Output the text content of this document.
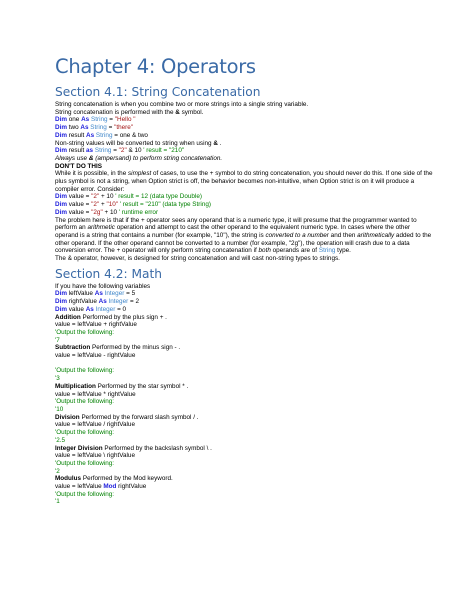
Chapter 4: Operators
Section 4.1: String Concatenation

String concatenation is when you combine two or more strings into a single string variable.

String concatenation is performed with the & symbol.

Dim one As String = "Hello "
Dim two As String = "there"
Dim result As String = one & two

Non-string values will be converted to string when using & .

Dim result as String = "2" & 10 ' result = "210"

Always use & (ampersand) to perform string concatenation.

DON'T DO THIS

While it is possible, in the simplest of cases, to use the + symbol to do string concatenation, you should never do this. If one side of the plus symbol is not a string, when Option strict is off, the behavior becomes non-intuitive, when Option strict is on it will produce a compiler error. Consider:

Dim value = "2" + 10 ' result = 12 (data type Double)
Dim value = "2" + "10" ' result = "210" (data type String)
Dim value = "2g" + 10 ' runtime error

The problem here is that if the + operator sees any operand that is a numeric type, it will presume that the programmer wanted to perform an arithmetic operation and attempt to cast the other operand to the equivalent numeric type. In cases where the other operand is a string that contains a number (for example, "10"), the string is converted to a number and then arithmetically added to the other operand. If the other operand cannot be converted to a number (for example, "2g"), the operation will crash due to a data conversion error. The + operator will only perform string concatenation if both operands are of String type.

The & operator, however, is designed for string concatenation and will cast non-string types to strings.

Section 4.2: Math

If you have the following variables

Dim leftValue As Integer = 5
Dim rightValue As Integer = 2
Dim value As Integer = 0

Addition Performed by the plus sign + .

value = leftValue + rightValue
'Output the following:
'7

Subtraction Performed by the minus sign - .

value = leftValue - rightValue
'Output the following:
'3

Multiplication Performed by the star symbol * .

value = leftValue * rightValue
'Output the following:
'10

Division Performed by the forward slash symbol / .

value = leftValue / rightValue
'Output the following:
'2.5

Integer Division Performed by the backslash symbol \ .

value = leftValue \ rightValue
'Output the following:
'2

Modulus Performed by the Mod keyword.

value = leftValue Mod rightValue
'Output the following:
'1
